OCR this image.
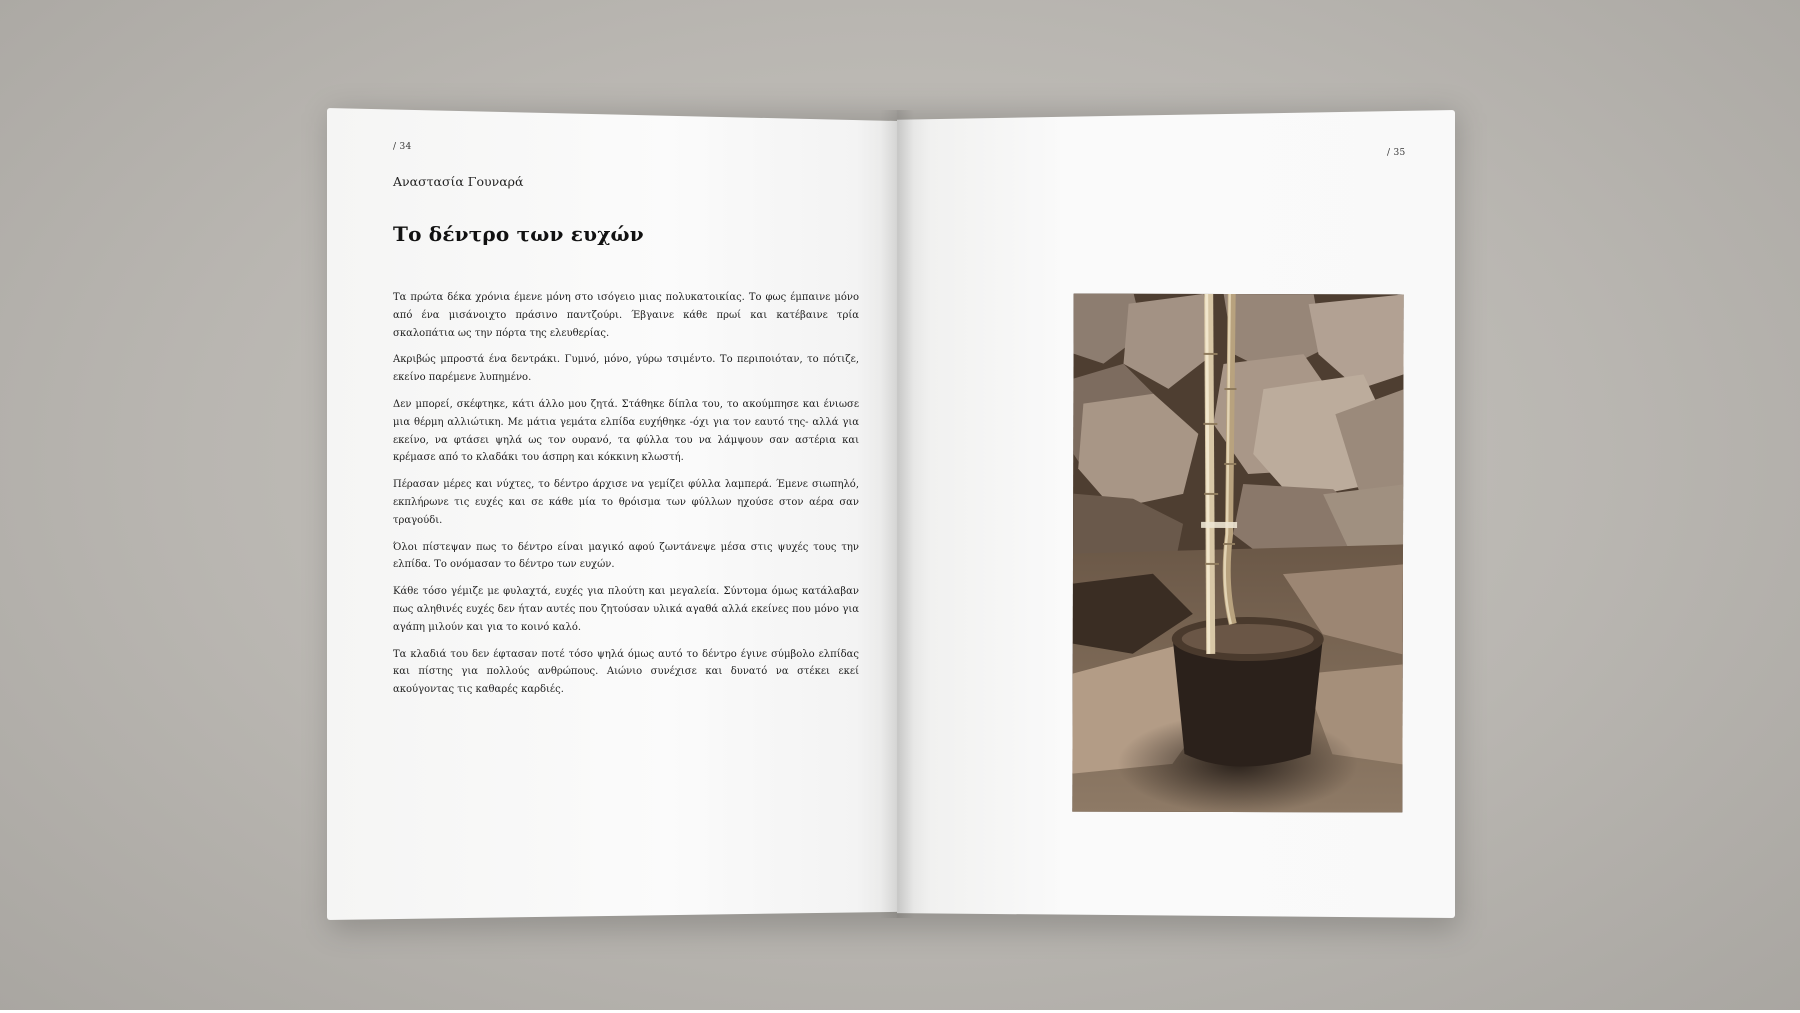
/ 34
Αναστασία Γουναρά
Το δέντρο των ευχών

Τα πρώτα δέκα χρόνια έμενε μόνη στο ισόγειο μιας πολυκατοικίας. Το φως έμπαινε μόνο από ένα μισάνοιχτο πράσινο παντζούρι. Έβγαινε κάθε πρωί και κατέβαινε τρία σκαλοπάτια ως την πόρτα της ελευθερίας.

Ακριβώς μπροστά ένα δεντράκι. Γυμνό, μόνο, γύρω τσιμέντο. Το περιποιόταν, το πότιζε, εκείνο παρέμενε λυπημένο.

Δεν μπορεί, σκέφτηκε, κάτι άλλο μου ζητά. Στάθηκε δίπλα του, το ακούμπησε και ένιωσε μια θέρμη αλλιώτικη. Με μάτια γεμάτα ελπίδα ευχήθηκε -όχι για τον εαυτό της- αλλά για εκείνο, να φτάσει ψηλά ως τον ουρανό, τα φύλλα του να λάμψουν σαν αστέρια και κρέμασε από το κλαδάκι του άσπρη και κόκκινη κλωστή.

Πέρασαν μέρες και νύχτες, το δέντρο άρχισε να γεμίζει φύλλα λαμπερά. Έμενε σιωπηλό, εκπλήρωνε τις ευχές και σε κάθε μία το θρόισμα των φύλλων ηχούσε στον αέρα σαν τραγούδι.

Όλοι πίστεψαν πως το δέντρο είναι μαγικό αφού ζωντάνεψε μέσα στις ψυχές τους την ελπίδα. Το ονόμασαν το δέντρο των ευχών.

Κάθε τόσο γέμιζε με φυλαχτά, ευχές για πλούτη και μεγαλεία. Σύντομα όμως κατάλαβαν πως αληθινές ευχές δεν ήταν αυτές που ζητούσαν υλικά αγαθά αλλά εκείνες που μόνο για αγάπη μιλούν και για το κοινό καλό.

Τα κλαδιά του δεν έφτασαν ποτέ τόσο ψηλά όμως αυτό το δέντρο έγινε σύμβολο ελπίδας και πίστης για πολλούς ανθρώπους. Αιώνιο συνέχισε και δυνατό να στέκει εκεί ακούγοντας τις καθαρές καρδιές.

/ 35
